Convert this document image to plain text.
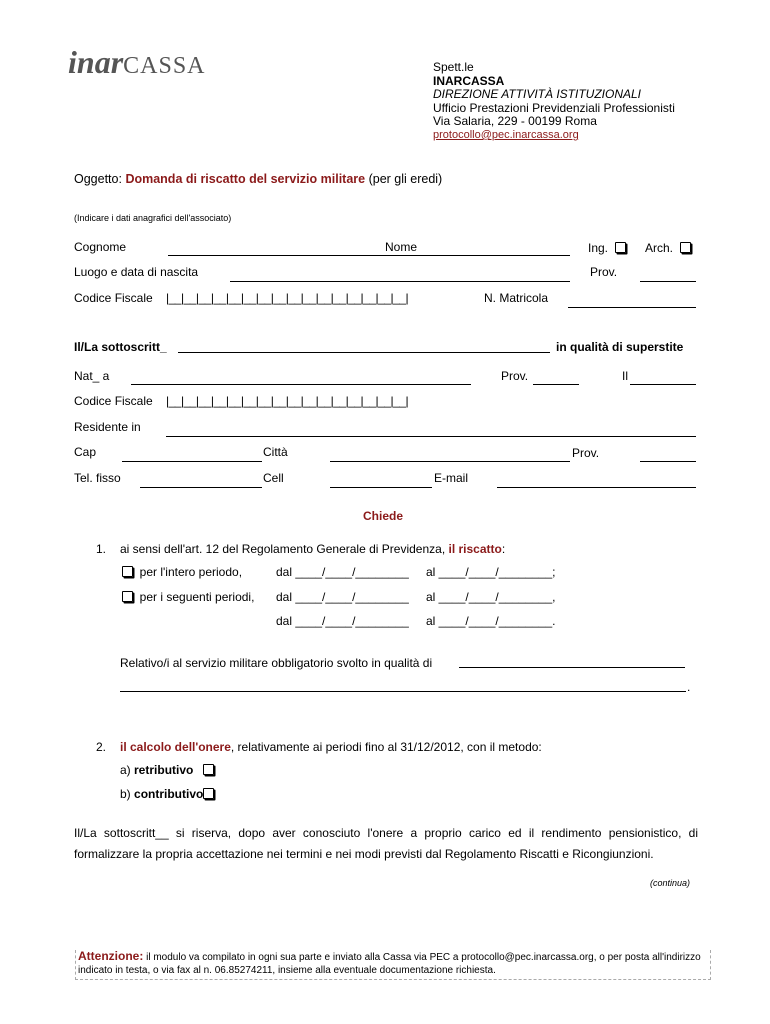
inarCASSA	Spett.le
INARCASSA
DIREZIONE ATTIVITÀ ISTITUZIONALI
Ufficio Prestazioni Previdenziali Professionisti
Via Salaria, 229 - 00199 Roma
protocollo@pec.inarcassa.org
Oggetto: Domanda di riscatto del servizio militare (per gli eredi)
(Indicare i dati anagrafici dell'associato)
Cognome	Nome	Ing.	Arch.
Luogo e data di nascita	Prov.
Codice Fiscale |__|__|__|__|__|__|__|__|__|__|__|__|__|__|__|__|	N. Matricola
Il/La sottoscritt_	in qualità di superstite
Nat_ a	Prov.	Il
Codice Fiscale |__|__|__|__|__|__|__|__|__|__|__|__|__|__|__|__|
Residente in
Cap	Città	Prov.
Tel. fisso	Cell	E-mail
Chiede
1. ai sensi dell'art. 12 del Regolamento Generale di Previdenza, il riscatto:
per l'intero periodo,	dal ____/____/________ al ____/____/________;
per i seguenti periodi, dal ____/____/________ al ____/____/________,
dal ____/____/________ al ____/____/________.
Relativo/i al servizio militare obbligatorio svolto in qualità di
.
2. il calcolo dell'onere, relativamente ai periodi fino al 31/12/2012, con il metodo:
a) retributivo
b) contributivo
Il/La sottoscritt__ si riserva, dopo aver conosciuto l'onere a proprio carico ed il rendimento pensionistico, di formalizzare la propria accettazione nei termini e nei modi previsti dal Regolamento Riscatti e Ricongiunzioni.
(continua)
Attenzione: il modulo va compilato in ogni sua parte e inviato alla Cassa via PEC a protocollo@pec.inarcassa.org, o per posta all'indirizzo indicato in testa, o via fax al n. 06.85274211, insieme alla eventuale documentazione richiesta.
